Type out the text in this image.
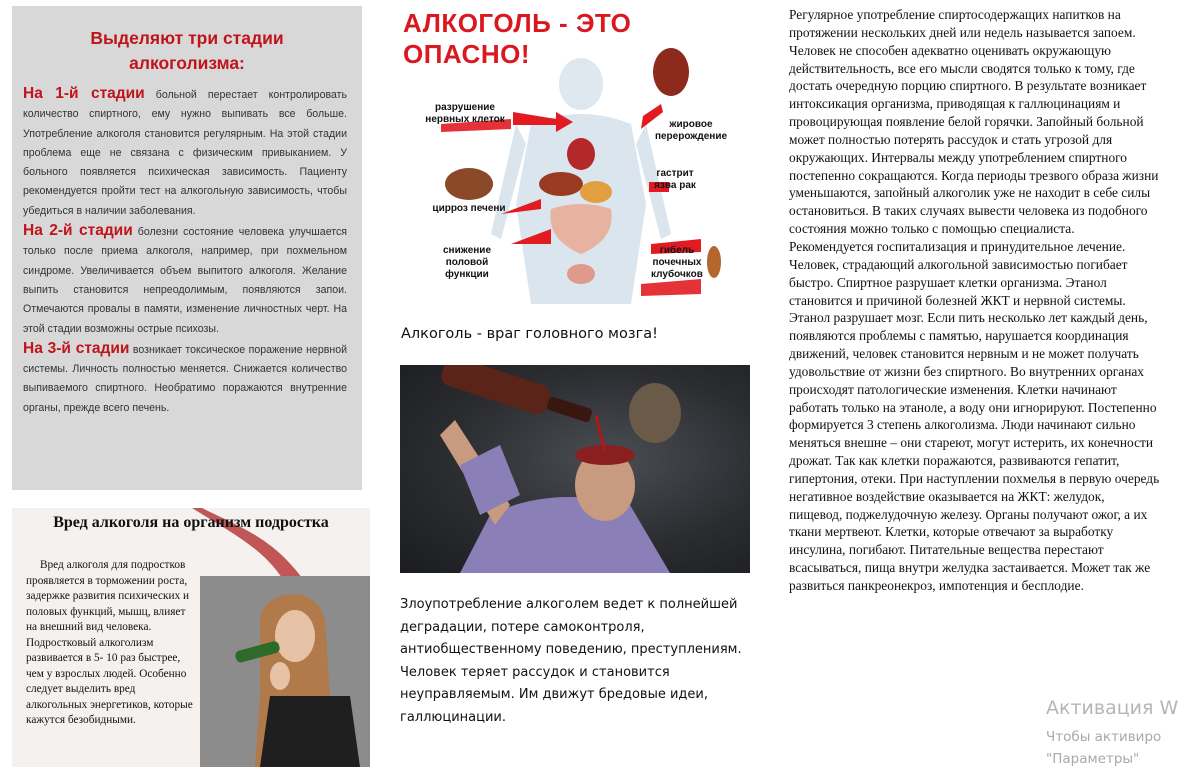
Выделяют три стадии алкоголизма:

На 1-й стадии больной перестает контролировать количество спиртного, ему нужно выпивать все больше. Употребление алкоголя становится регулярным. На этой стадии проблема еще не связана с физическим привыканием. У больного появляется психическая зависимость. Пациенту рекомендуется пройти тест на алкогольную зависимость, чтобы убедиться в наличии заболевания.

На 2-й стадии болезни состояние человека улучшается только после приема алкоголя, например, при похмельном синдроме. Увеличивается объем выпитого алкоголя. Желание выпить становится непреодолимым, появляются запои. Отмечаются провалы в памяти, изменение личностных черт. На этой стадии возможны острые психозы.

На 3-й стадии возникает токсическое поражение нервной системы. Личность полностью меняется. Снижается количество выпиваемого спиртного. Необратимо поражаются внутренние органы, прежде всего печень.

Вред алкоголя на организм подростка
Вред алкоголя для подростков проявляется в торможении роста, задержке развития психических и половых функций, мышц, влияет на внешний вид человека. Подростковый алкоголизм развивается в 5- 10 раз быстрее, чем у взрослых людей. Особенно следует выделить вред алкогольных энергетиков, которые кажутся безобидными.
АЛКОГОЛЬ - ЭТО ОПАСНО!
разрушение нервных клеток	жировое перерождение
гастрит язва рак
цирроз печени
снижение половой функции
гибель почечных клубочков
Алкоголь - враг головного мозга!
Злоупотребление алкоголем ведет к полнейшей деградации, потере самоконтроля, антиобщественному поведению, преступлениям. Человек теряет рассудок и становится неуправляемым. Им движут бредовые идеи, галлюцинации.

Регулярное употребление спиртосодержащих напитков на протяжении нескольких дней или недель называется запоем. Человек не способен адекватно оценивать окружающую действительность, все его мысли сводятся только к тому, где достать очередную порцию спиртного. В результате возникает интоксикация организма, приводящая к галлюцинациям и провоцирующая появление белой горячки. Запойный больной может полностью потерять рассудок и стать угрозой для окружающих. Интервалы между употреблением спиртного постепенно сокращаются. Когда периоды трезвого образа жизни уменьшаются, запойный алкоголик уже не находит в себе силы остановиться. В таких случаях вывести человека из подобного состояния можно только с помощью специалиста. Рекомендуется госпитализация и принудительное лечение.

Человек, страдающий алкогольной зависимостью погибает быстро. Спиртное разрушает клетки организма. Этанол становится и причиной болезней ЖКТ и нервной системы. Этанол разрушает мозг. Если пить несколько лет каждый день, появляются проблемы с памятью, нарушается координация движений, человек становится нервным и не может получать удовольствие от жизни без спиртного. Во внутренних органах происходят патологические изменения. Клетки начинают работать только на этаноле, а воду они игнорируют. Постепенно формируется 3 степень алкоголизма. Люди начинают сильно меняться внешне – они стареют, могут истерить, их конечности дрожат. Так как клетки поражаются, развиваются гепатит, гипертония, отеки. При наступлении похмелья в первую очередь негативное воздействие оказывается на ЖКТ: желудок, пищевод, поджелудочную железу. Органы получают ожог, а их ткани мертвеют. Клетки, которые отвечают за выработку инсулина, погибают. Питательные вещества перестают всасываться, пища внутри желудка застаивается. Может так же развиться панкреонекроз, импотенция и бесплодие.

Активация W
Чтобы активиро
"Параметры"
